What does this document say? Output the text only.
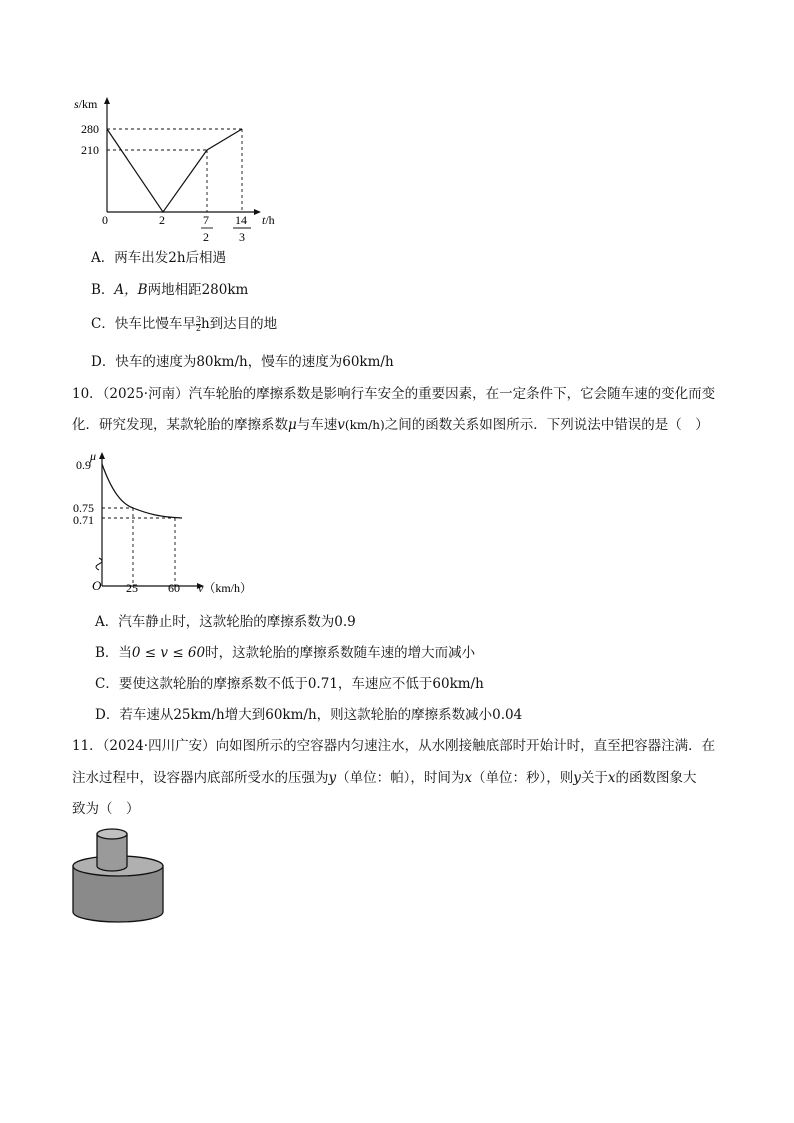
s/km
280
210
0	2	7
2
14
3
t/h
A．两车出发2h后相遇
B．A，B两地相距280km
C．快车比慢车早 $\frac{3}{2}$ h到达目的地
D．快车的速度为80km/h，慢车的速度为60km/h
10．（2025·河南）汽车轮胎的摩擦系数是影响行车安全的重要因素，在一定条件下，它会随车速的变化而变
化．研究发现，某款轮胎的摩擦系数μ与车速v(km/h)之间的函数关系如图所示．下列说法中错误的是（　）
μ
0.9
0.75
0.71
O 25	60 v（km/h）
A．汽车静止时，这款轮胎的摩擦系数为0.9
B．当0 ≤ v ≤ 60时，这款轮胎的摩擦系数随车速的增大而减小
C．要使这款轮胎的摩擦系数不低于0.71，车速应不低于60km/h
D．若车速从25km/h增大到60km/h，则这款轮胎的摩擦系数减小0.04
11．（2024·四川广安）向如图所示的空容器内匀速注水，从水刚接触底部时开始计时，直至把容器注满．在
注水过程中，设容器内底部所受水的压强为y（单位：帕），时间为x（单位：秒），则y关于x的函数图象大
致为（　）
